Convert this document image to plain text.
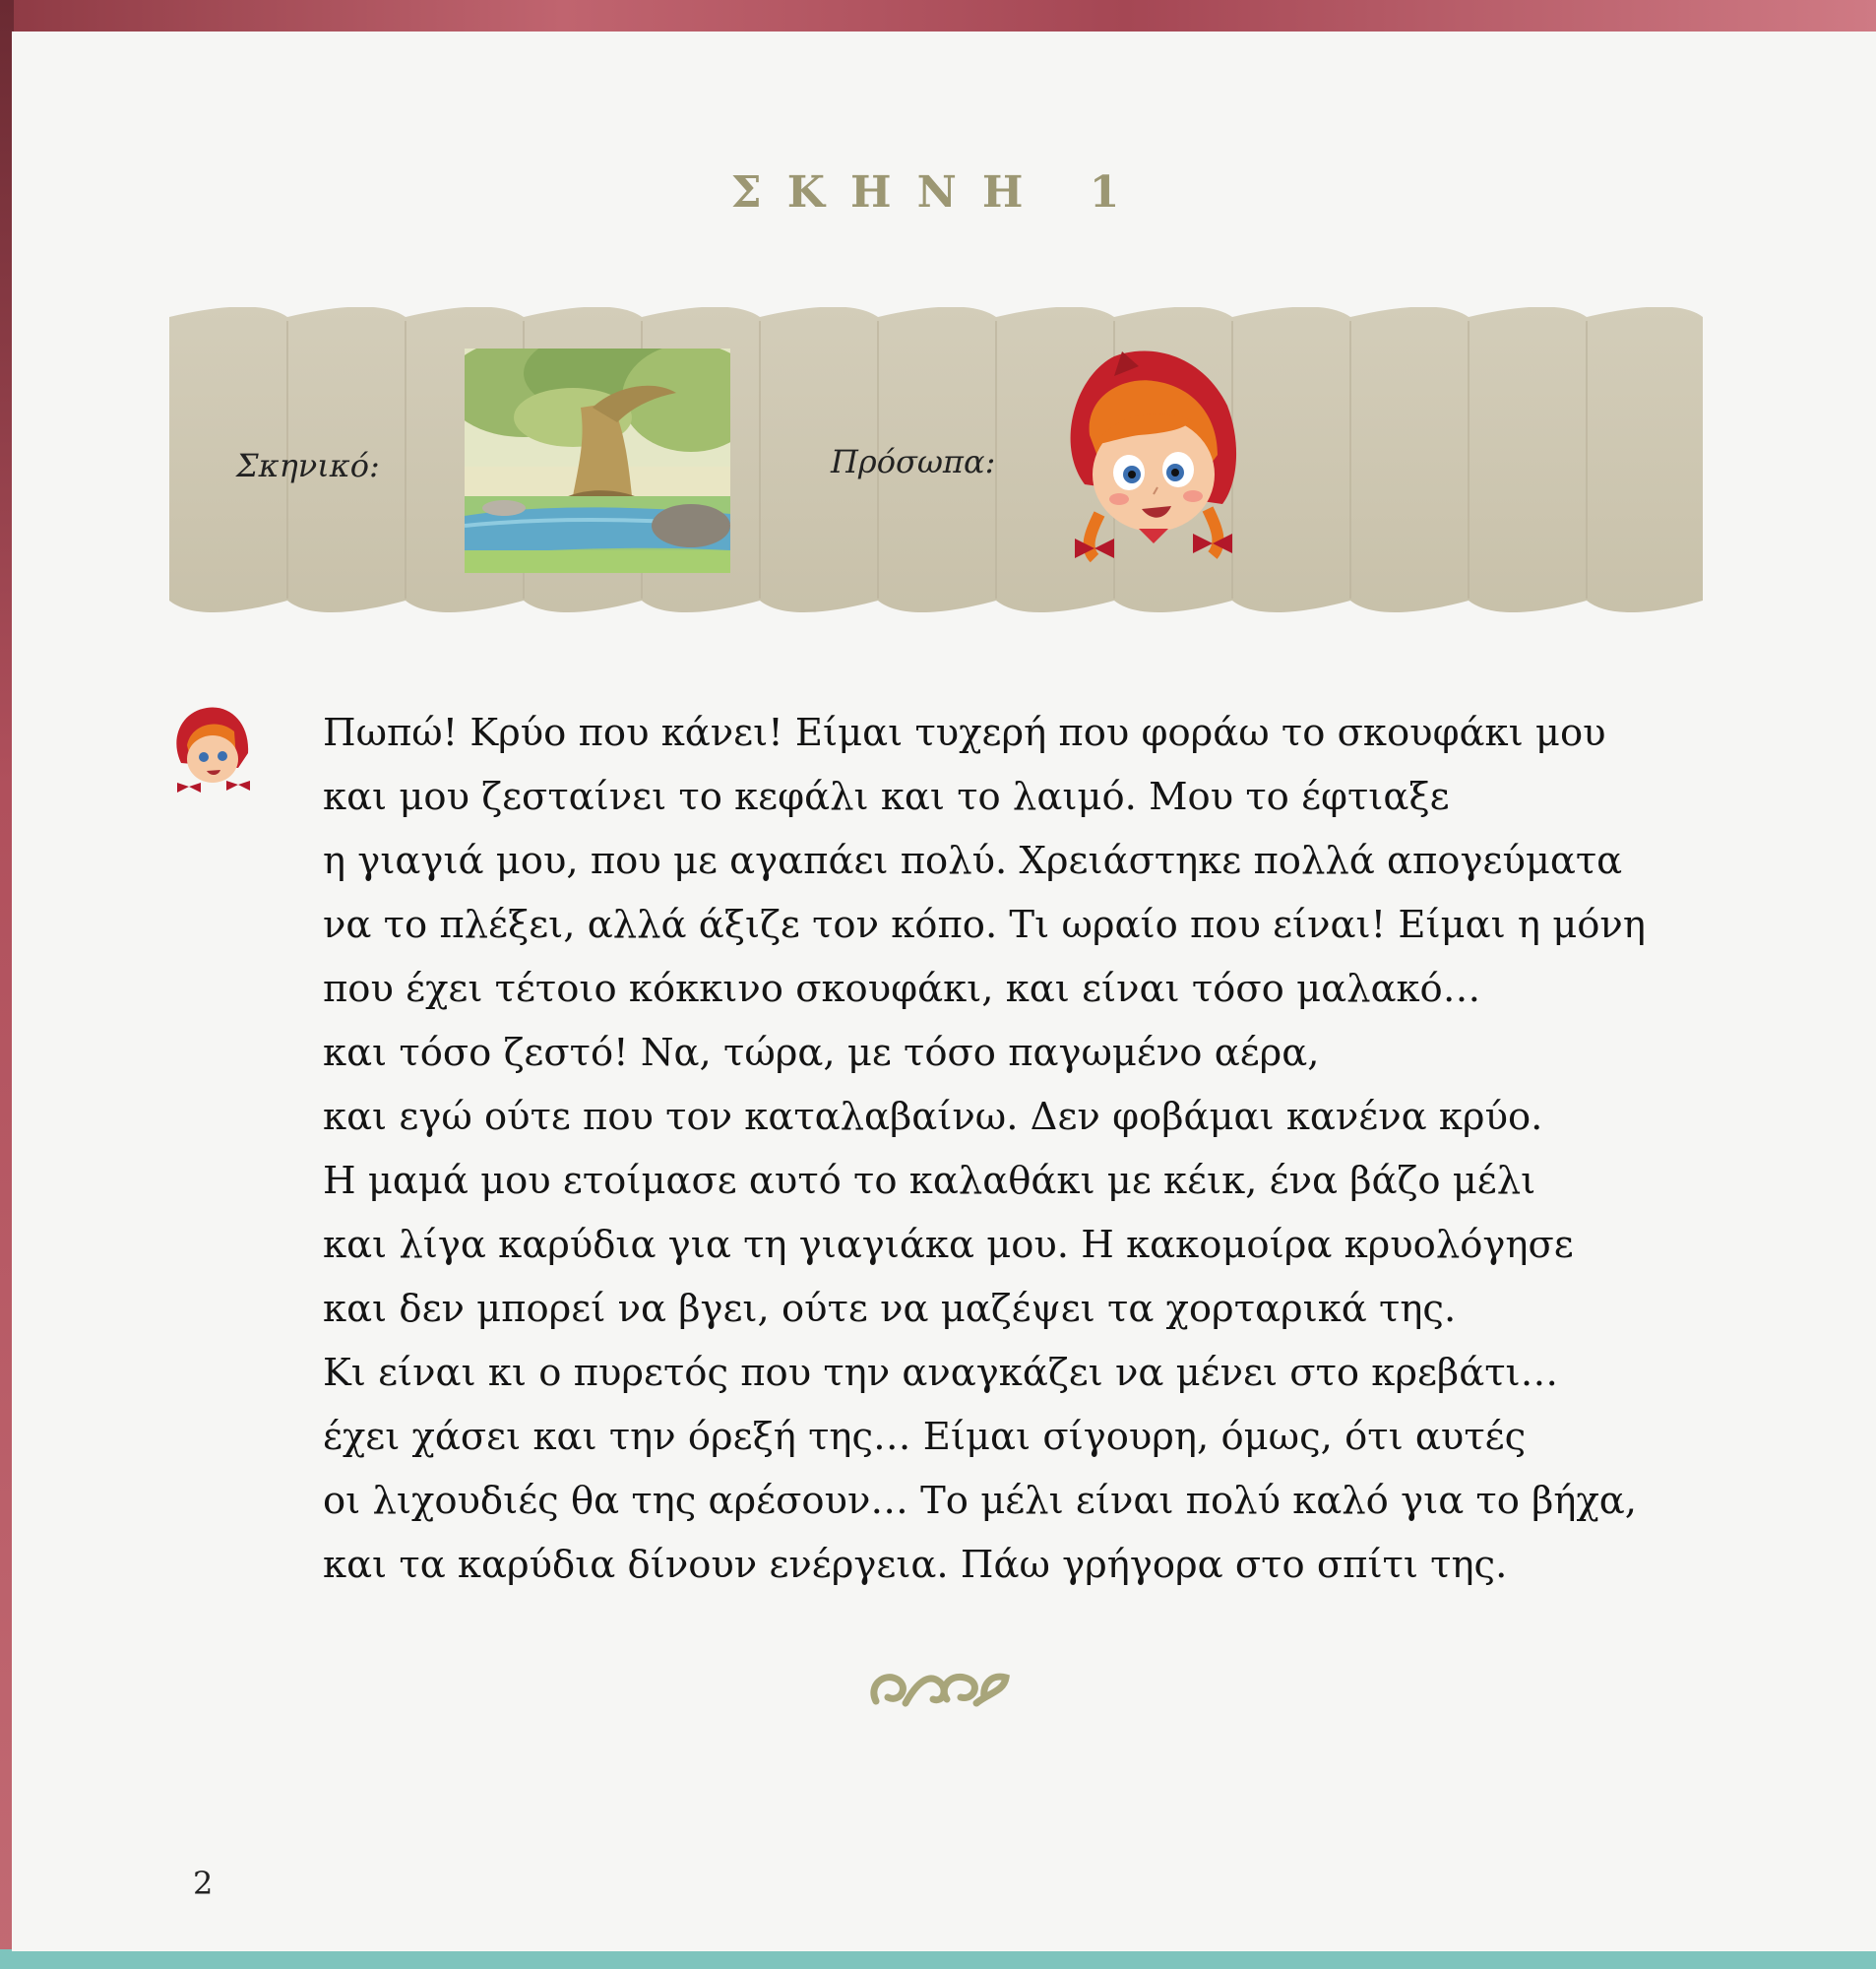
ΣΚΗΝΗ 1
Σκηνικό:	Πρόσωπα:
Πωπώ! Κρύο που κάνει! Είμαι τυχερή που φοράω το σκουφάκι μου
και μου ζεσταίνει το κεφάλι και το λαιμό. Μου το έφτιαξε
η γιαγιά μου, που με αγαπάει πολύ. Χρειάστηκε πολλά απογεύματα
να το πλέξει, αλλά άξιζε τον κόπο. Τι ωραίο που είναι! Είμαι η μόνη
που έχει τέτοιο κόκκινο σκουφάκι, και είναι τόσο μαλακό…
και τόσο ζεστό! Να, τώρα, με τόσο παγωμένο αέρα,
και εγώ ούτε που τον καταλαβαίνω. Δεν φοβάμαι κανένα κρύο.
Η μαμά μου ετοίμασε αυτό το καλαθάκι με κέικ, ένα βάζο μέλι
και λίγα καρύδια για τη γιαγιάκα μου. Η κακομοίρα κρυολόγησε
και δεν μπορεί να βγει, ούτε να μαζέψει τα χορταρικά της.
Κι είναι κι ο πυρετός που την αναγκάζει να μένει στο κρεβάτι…
έχει χάσει και την όρεξή της… Είμαι σίγουρη, όμως, ότι αυτές
οι λιχουδιές θα της αρέσουν… Το μέλι είναι πολύ καλό για το βήχα,
και τα καρύδια δίνουν ενέργεια. Πάω γρήγορα στο σπίτι της.
2
